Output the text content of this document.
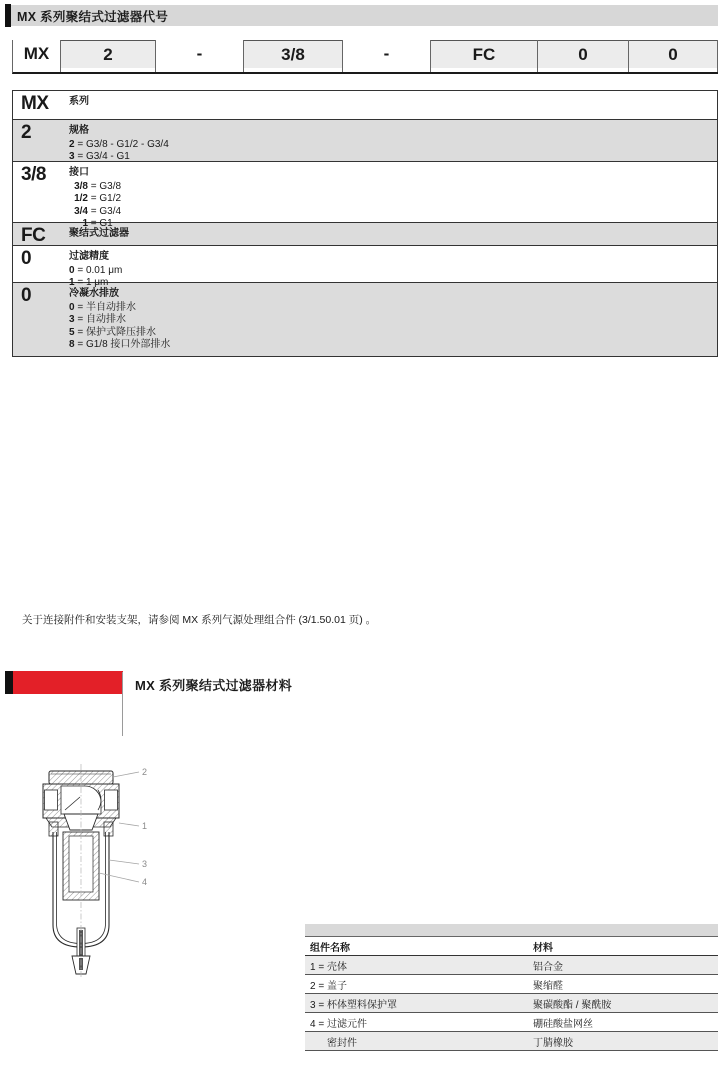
MX 系列聚结式过滤器代号
MX	2	-	3/8	-	FC	0	0
MX	系列
2	规格
2 = G3/8 - G1/2 - G3/4
3 = G3/4 - G1
3/8	接口
3/8 = G3/8
1/2 = G1/2
3/4 = G3/4
1 = G1
FC	聚结式过滤器
0	过滤精度
0 = 0.01 μm
1 = 1 μm
0	冷凝水排放
0 = 半自动排水
3 = 自动排水
5 = 保护式降压排水
8 = G1/8 接口外部排水
关于连接附件和安装支架，请参阅 MX 系列气源处理组合件 (3/1.50.01 页) 。
MX 系列聚结式过滤器材料
2
1
3
4
组件名称	材料
1 = 壳体	铝合金
2 = 盖子	聚缩醛
3 = 杯体塑料保护罩	聚碳酸酯 / 聚酰胺
4 = 过滤元件	硼硅酸盐网丝
密封件	丁腈橡胶
